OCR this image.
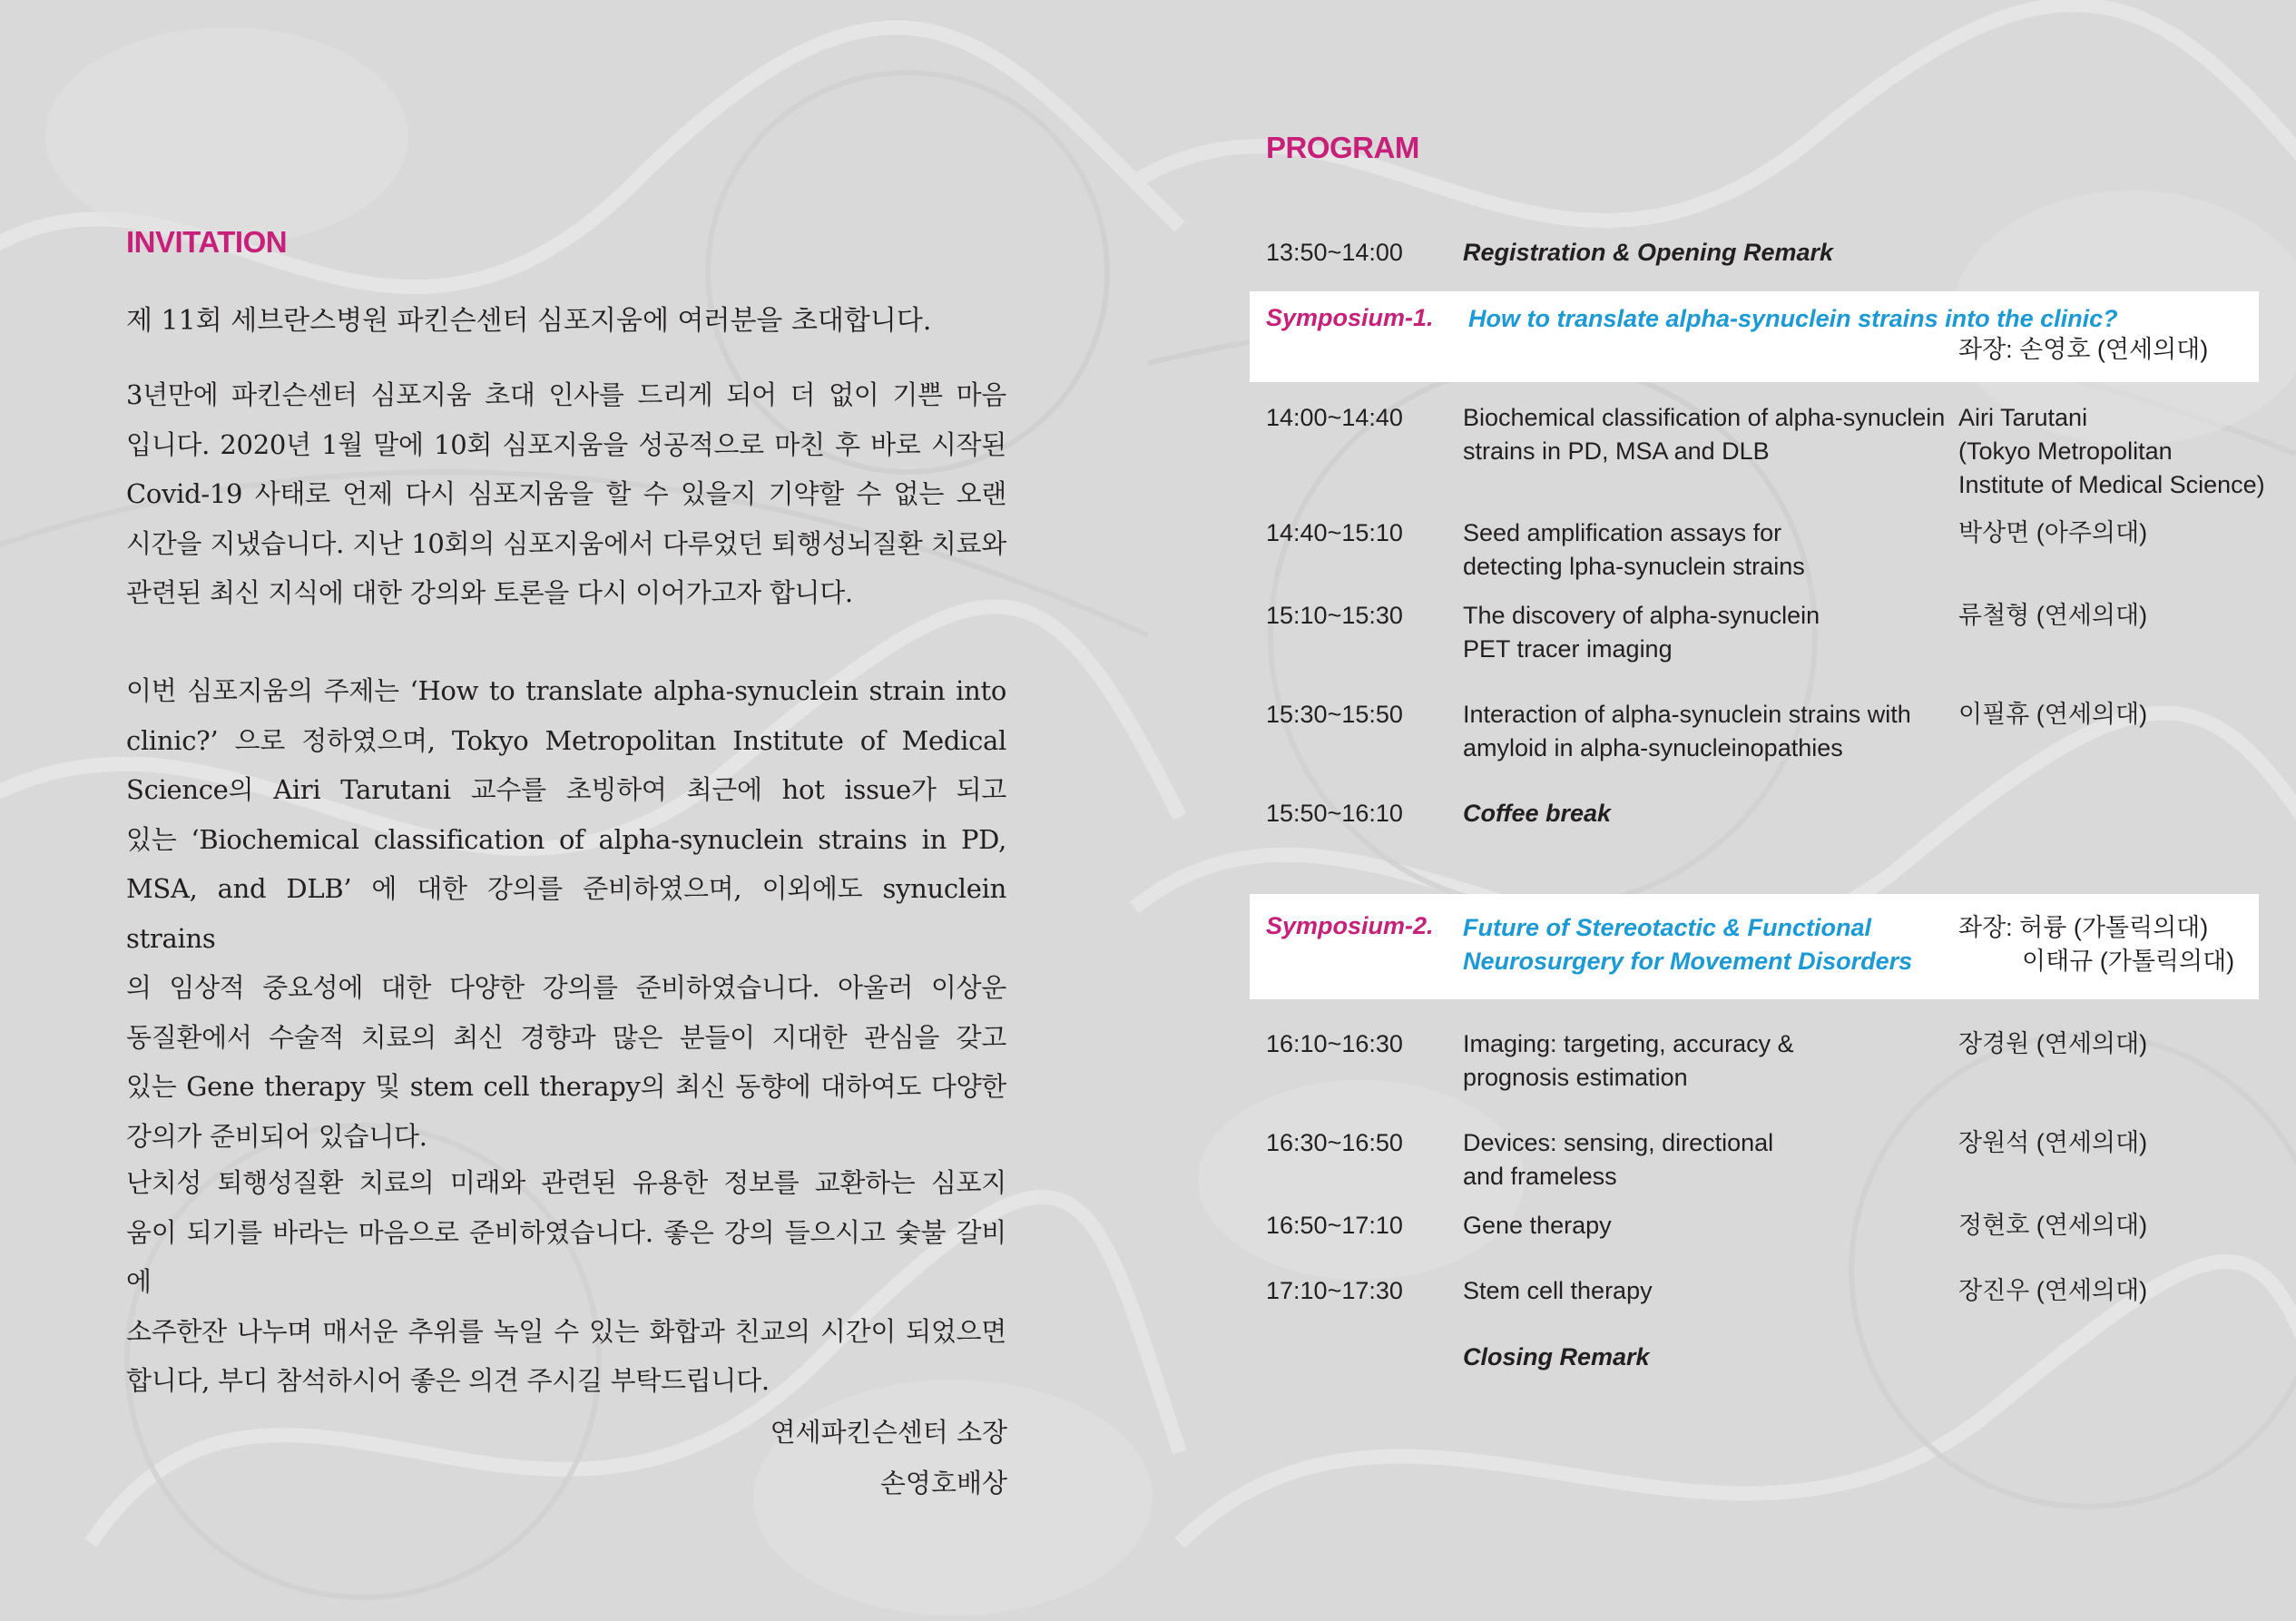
INVITATION
제 11회 세브란스병원 파킨슨센터 심포지움에 여러분을 초대합니다.
3년만에 파킨슨센터 심포지움 초대 인사를 드리게 되어 더 없이 기쁜 마음
입니다. 2020년 1월 말에 10회 심포지움을 성공적으로 마친 후 바로 시작된
Covid-19 사태로 언제 다시 심포지움을 할 수 있을지 기약할 수 없는 오랜
시간을 지냈습니다. 지난 10회의 심포지움에서 다루었던 퇴행성뇌질환 치료와
관련된 최신 지식에 대한 강의와 토론을 다시 이어가고자 합니다.
이번 심포지움의 주제는 ‘How to translate alpha-synuclein strain into
clinic?’ 으로 정하였으며, Tokyo Metropolitan Institute of Medical
Science의 Airi Tarutani 교수를 초빙하여 최근에 hot issue가 되고
있는 ‘Biochemical classification of alpha-synuclein strains in PD,
MSA, and DLB’ 에 대한 강의를 준비하였으며, 이외에도 synuclein strains
의 임상적 중요성에 대한 다양한 강의를 준비하였습니다. 아울러 이상운
동질환에서 수술적 치료의 최신 경향과 많은 분들이 지대한 관심을 갖고
있는 Gene therapy 및 stem cell therapy의 최신 동향에 대하여도 다양한
강의가 준비되어 있습니다.
난치성 퇴행성질환 치료의 미래와 관련된 유용한 정보를 교환하는 심포지
움이 되기를 바라는 마음으로 준비하였습니다. 좋은 강의 들으시고 숯불 갈비에
소주한잔 나누며 매서운 추위를 녹일 수 있는 화합과 친교의 시간이 되었으면
합니다, 부디 참석하시어 좋은 의견 주시길 부탁드립니다.
연세파킨슨센터 소장
손영호배상
PROGRAM
13:50~14:00 Registration & Opening Remark
Symposium-1. How to translate alpha-synuclein strains into the clinic?
좌장: 손영호 (연세의대)
14:00~14:40 Biochemical classification of alpha-synuclein
strains in PD, MSA and DLB
Airi Tarutani
(Tokyo Metropolitan
Institute of Medical Science)
14:40~15:10 Seed amplification assays for
detecting lpha-synuclein strains
박상면 (아주의대)
15:10~15:30 The discovery of alpha-synuclein
PET tracer imaging
류철형 (연세의대)
15:30~15:50 Interaction of alpha-synuclein strains with
amyloid in alpha-synucleinopathies
이필휴 (연세의대)
15:50~16:10 Coffee break
Symposium-2. Future of Stereotactic & Functional
Neurosurgery for Movement Disorders
좌장: 허륭 (가톨릭의대)
이태규 (가톨릭의대)
16:10~16:30 Imaging: targeting, accuracy &
prognosis estimation
장경원 (연세의대)
16:30~16:50 Devices: sensing, directional
and frameless
장원석 (연세의대)
16:50~17:10 Gene therapy	정현호 (연세의대)
17:10~17:30 Stem cell therapy	장진우 (연세의대)
Closing Remark
